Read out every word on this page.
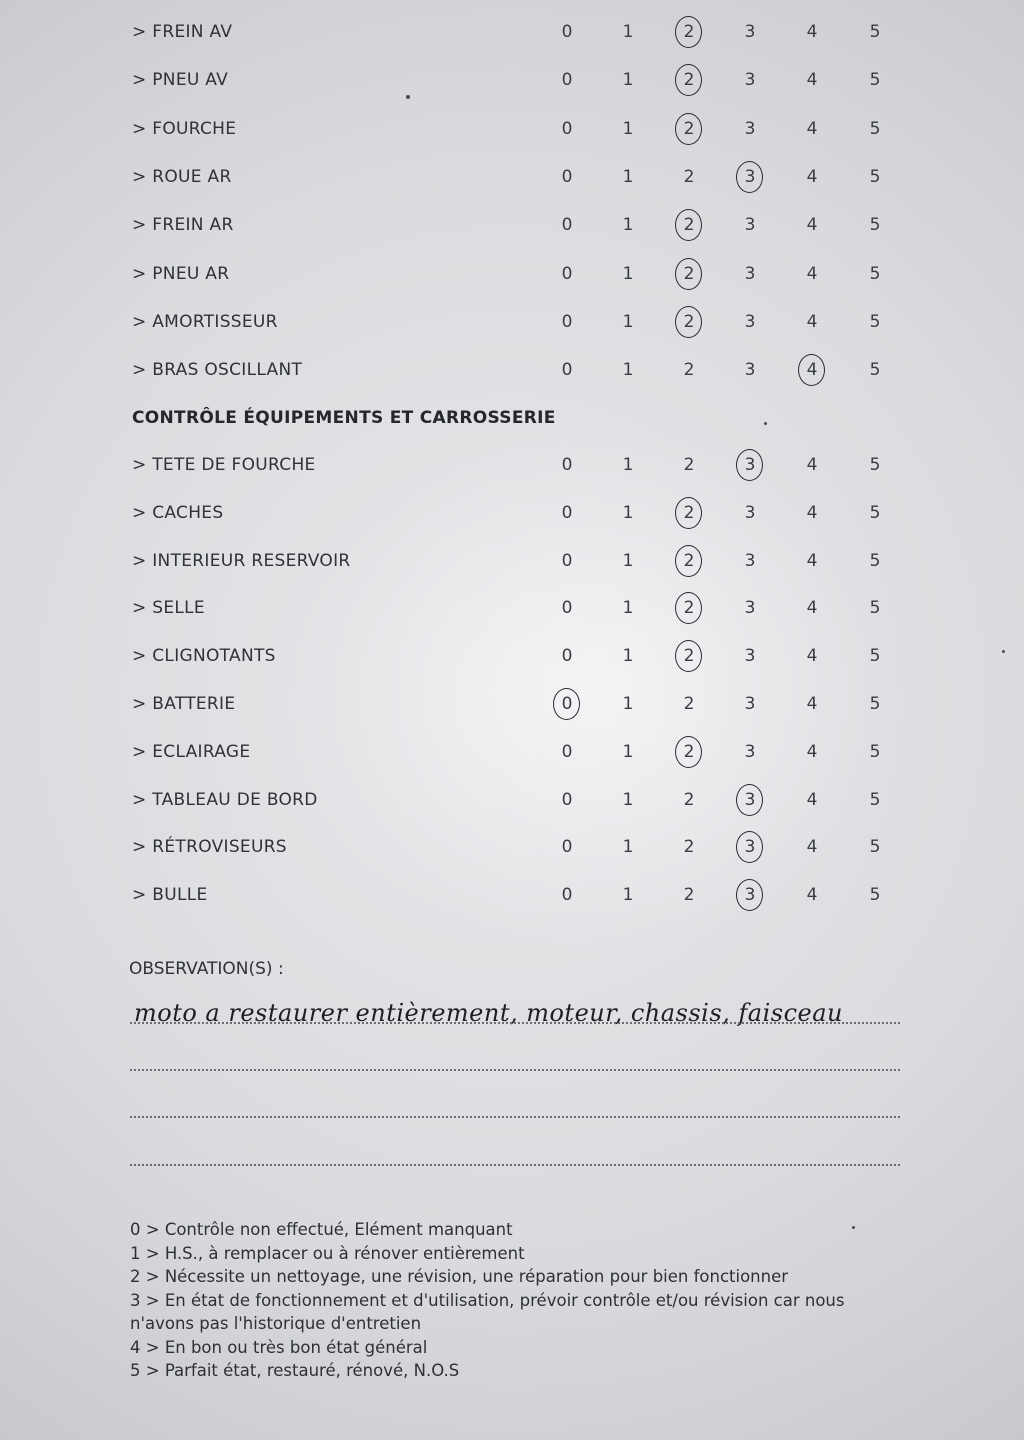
> FREIN AV	0	1	2	3	4	5
> PNEU AV	0	1	2	3	4	5
> FOURCHE	0	1	2	3	4	5
> ROUE AR	0	1	2	3	4	5
> FREIN AR	0	1	2	3	4	5
> PNEU AR	0	1	2	3	4	5
> AMORTISSEUR	0	1	2	3	4	5
> BRAS OSCILLANT	0	1	2	3	4	5
CONTRÔLE ÉQUIPEMENTS ET CARROSSERIE
> TETE DE FOURCHE	0	1	2	3	4	5
> CACHES	0	1	2	3	4	5
> INTERIEUR RESERVOIR	0	1	2	3	4	5
> SELLE	0	1	2	3	4	5
> CLIGNOTANTS	0	1	2	3	4	5
> BATTERIE	0	1	2	3	4	5
> ECLAIRAGE	0	1	2	3	4	5
> TABLEAU DE BORD	0	1	2	3	4	5
> RÉTROVISEURS	0	1	2	3	4	5
> BULLE	0	1	2	3	4	5
OBSERVATION(S) :
moto a restaurer entièrement, moteur, chassis, faisceau
0 > Contrôle non effectué, Elément manquant
1 > H.S., à remplacer ou à rénover entièrement
2 > Nécessite un nettoyage, une révision, une réparation pour bien fonctionner
3 > En état de fonctionnement et d'utilisation, prévoir contrôle et/ou révision car nous n'avons pas l'historique d'entretien
4 > En bon ou très bon état général
5 > Parfait état, restauré, rénové, N.O.S
